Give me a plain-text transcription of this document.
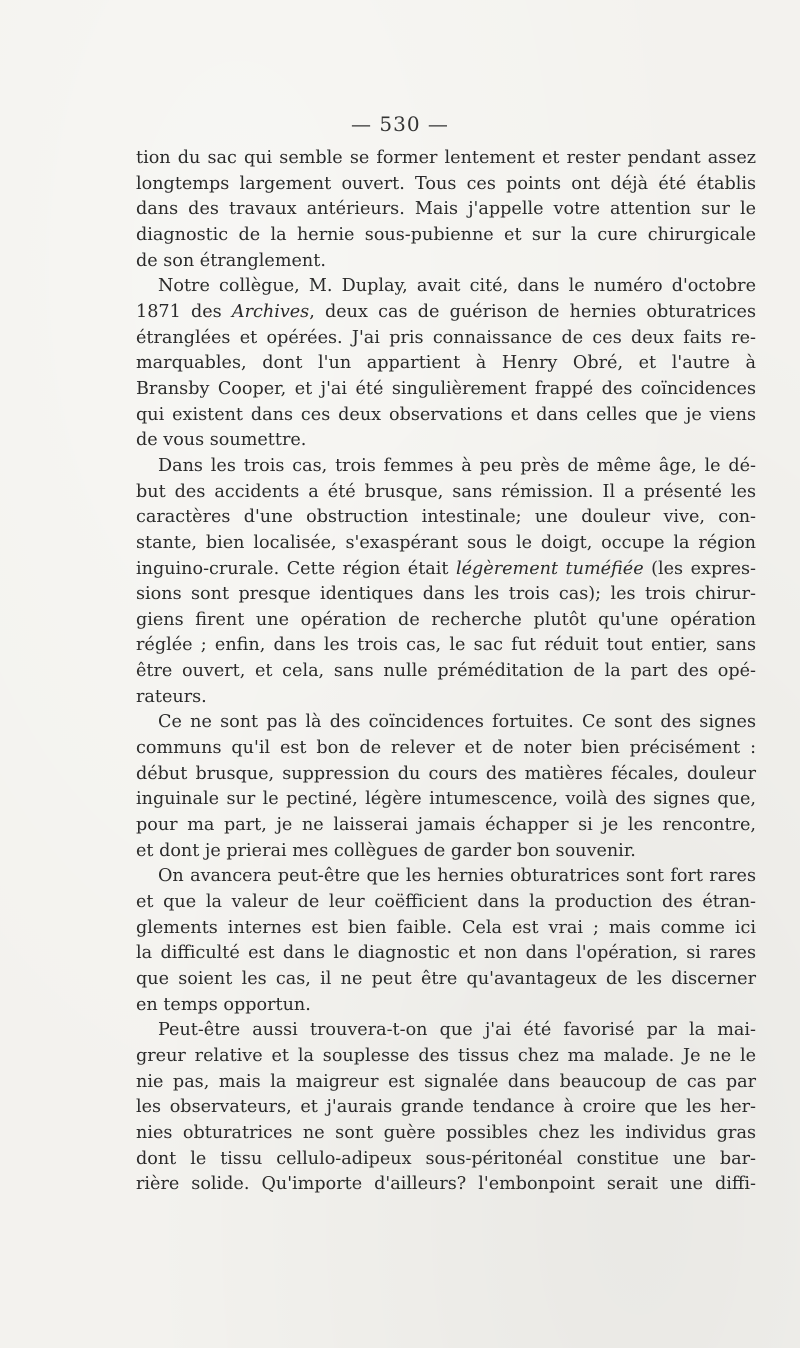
— 530 —
tion du sac qui semble se former lentement et rester pendant assez
longtemps largement ouvert. Tous ces points ont déjà été établis
dans des travaux antérieurs. Mais j'appelle votre attention sur le
diagnostic de la hernie sous-pubienne et sur la cure chirurgicale
de son étranglement.
Notre collègue, M. Duplay, avait cité, dans le numéro d'octobre
1871 des Archives, deux cas de guérison de hernies obturatrices
étranglées et opérées. J'ai pris connaissance de ces deux faits re-
marquables, dont l'un appartient à Henry Obré, et l'autre à
Bransby Cooper, et j'ai été singulièrement frappé des coïncidences
qui existent dans ces deux observations et dans celles que je viens
de vous soumettre.
Dans les trois cas, trois femmes à peu près de même âge, le dé-
but des accidents a été brusque, sans rémission. Il a présenté les
caractères d'une obstruction intestinale; une douleur vive, con-
stante, bien localisée, s'exaspérant sous le doigt, occupe la région
inguino-crurale. Cette région était légèrement tuméfiée (les expres-
sions sont presque identiques dans les trois cas); les trois chirur-
giens firent une opération de recherche plutôt qu'une opération
réglée ; enfin, dans les trois cas, le sac fut réduit tout entier, sans
être ouvert, et cela, sans nulle préméditation de la part des opé-
rateurs.
Ce ne sont pas là des coïncidences fortuites. Ce sont des signes
communs qu'il est bon de relever et de noter bien précisément :
début brusque, suppression du cours des matières fécales, douleur
inguinale sur le pectiné, légère intumescence, voilà des signes que,
pour ma part, je ne laisserai jamais échapper si je les rencontre,
et dont je prierai mes collègues de garder bon souvenir.
On avancera peut-être que les hernies obturatrices sont fort rares
et que la valeur de leur coëfficient dans la production des étran-
glements internes est bien faible. Cela est vrai ; mais comme ici
la difficulté est dans le diagnostic et non dans l'opération, si rares
que soient les cas, il ne peut être qu'avantageux de les discerner
en temps opportun.
Peut-être aussi trouvera-t-on que j'ai été favorisé par la mai-
greur relative et la souplesse des tissus chez ma malade. Je ne le
nie pas, mais la maigreur est signalée dans beaucoup de cas par
les observateurs, et j'aurais grande tendance à croire que les her-
nies obturatrices ne sont guère possibles chez les individus gras
dont le tissu cellulo-adipeux sous-péritonéal constitue une bar-
rière solide. Qu'importe d'ailleurs? l'embonpoint serait une diffi-
